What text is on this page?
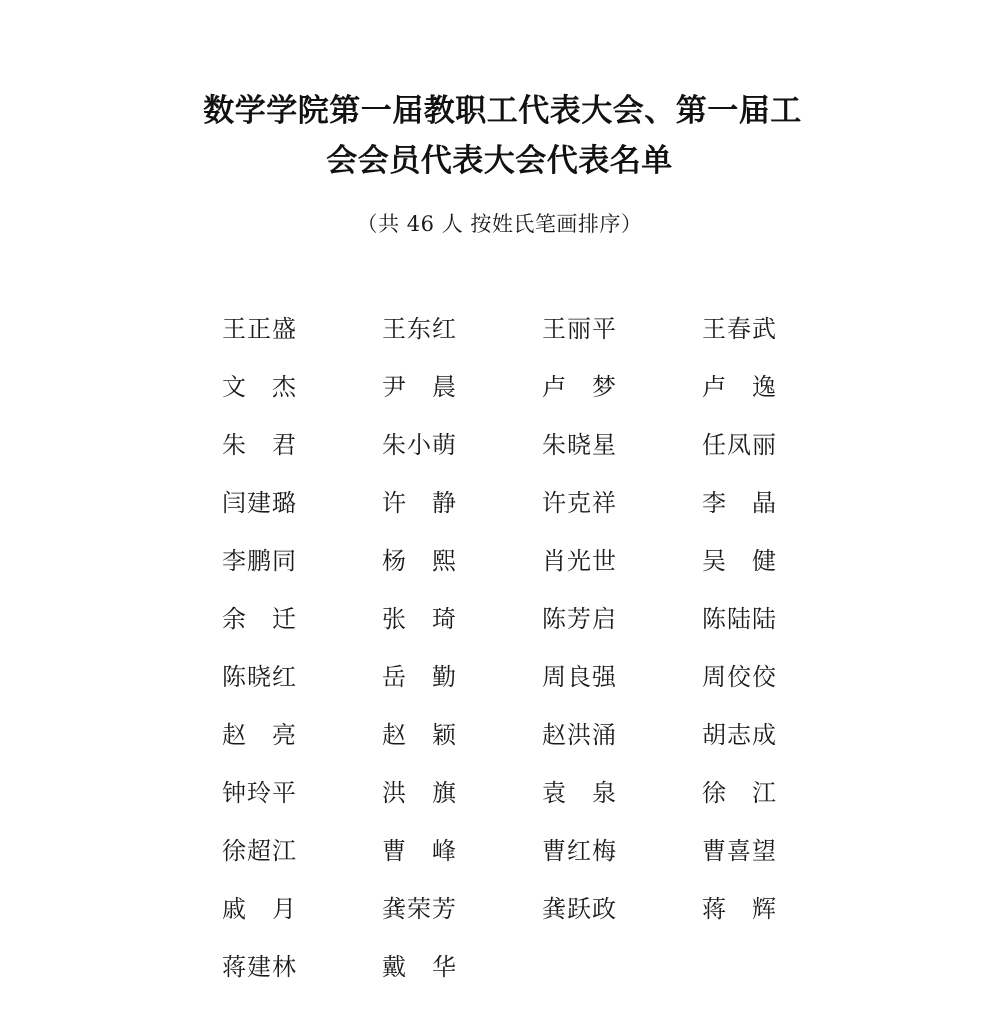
数学学院第一届教职工代表大会、第一届工
会会员代表大会代表名单

（共 46 人 按姓氏笔画排序）

王正盛	王东红	王丽平	王春武
文　杰	尹　晨	卢　梦	卢　逸
朱　君	朱小萌	朱晓星	任凤丽
闫建璐	许　静	许克祥	李　晶
李鹏同	杨　熙	肖光世	吴　健
余　迁	张　琦	陈芳启	陈陆陆
陈晓红	岳　勤	周良强	周佼佼
赵　亮	赵　颖	赵洪涌	胡志成
钟玲平	洪　旗	袁　泉	徐　江
徐超江	曹　峰	曹红梅	曹喜望
戚　月	龚荣芳	龚跃政	蒋　辉
蒋建林	戴　华
